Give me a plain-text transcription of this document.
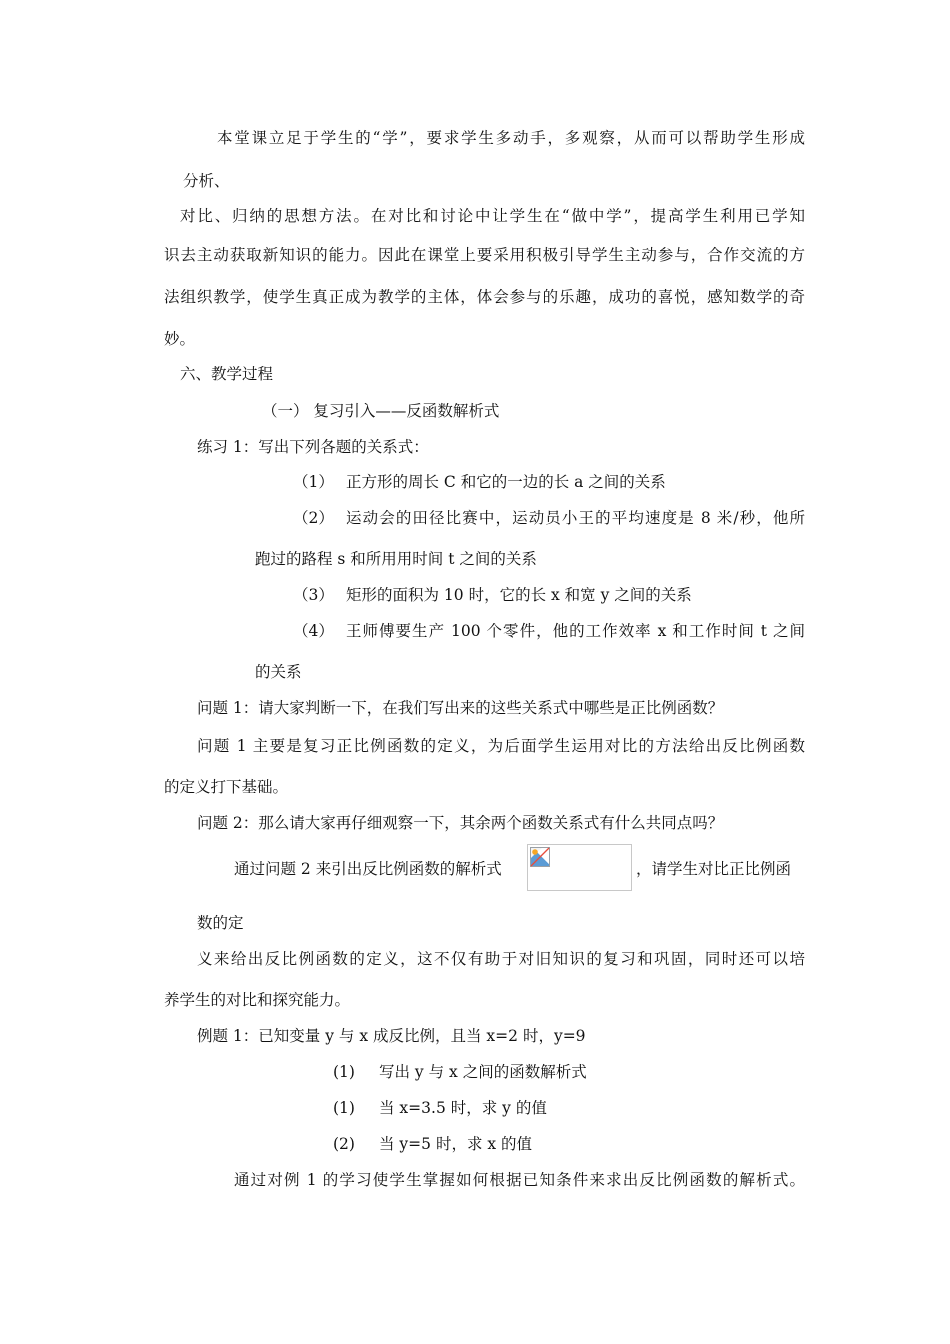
本堂课立足于学生的“学”，要求学生多动手，多观察，从而可以帮助学生形成

分析、

对比、归纳的思想方法。在对比和讨论中让学生在“做中学”，提高学生利用已学知

识去主动获取新知识的能力。因此在课堂上要采用积极引导学生主动参与，合作交流的方

法组织教学，使学生真正成为教学的主体，体会参与的乐趣，成功的喜悦，感知数学的奇

妙。

六、教学过程

（一） 复习引入——反函数解析式

练习 1：写出下列各题的关系式：

（1） 正方形的周长 C 和它的一边的长 a 之间的关系
（2） 运动会的田径比赛中，运动员小王的平均速度是 8 米/秒，他所
跑过的路程 s 和所用用时间 t 之间的关系
（3） 矩形的面积为 10 时，它的长 x 和宽 y 之间的关系
（4） 王师傅要生产 100 个零件，他的工作效率 x 和工作时间 t 之间
的关系

问题 1：请大家判断一下，在我们写出来的这些关系式中哪些是正比例函数？

问题 1 主要是复习正比例函数的定义，为后面学生运用对比的方法给出反比例函数

的定义打下基础。

问题 2：那么请大家再仔细观察一下，其余两个函数关系式有什么共同点吗？

通过问题 2 来引出反比例函数的解析式	，请学生对比正比例函

数的定

义来给出反比例函数的定义，这不仅有助于对旧知识的复习和巩固，同时还可以培

养学生的对比和探究能力。

例题 1：已知变量 y 与 x 成反比例，且当 x=2 时，y=9

(1) 写出 y 与 x 之间的函数解析式
(1) 当 x=3.5 时，求 y 的值
(2) 当 y=5 时，求 x 的值

通过对例 1 的学习使学生掌握如何根据已知条件来求出反比例函数的解析式。
